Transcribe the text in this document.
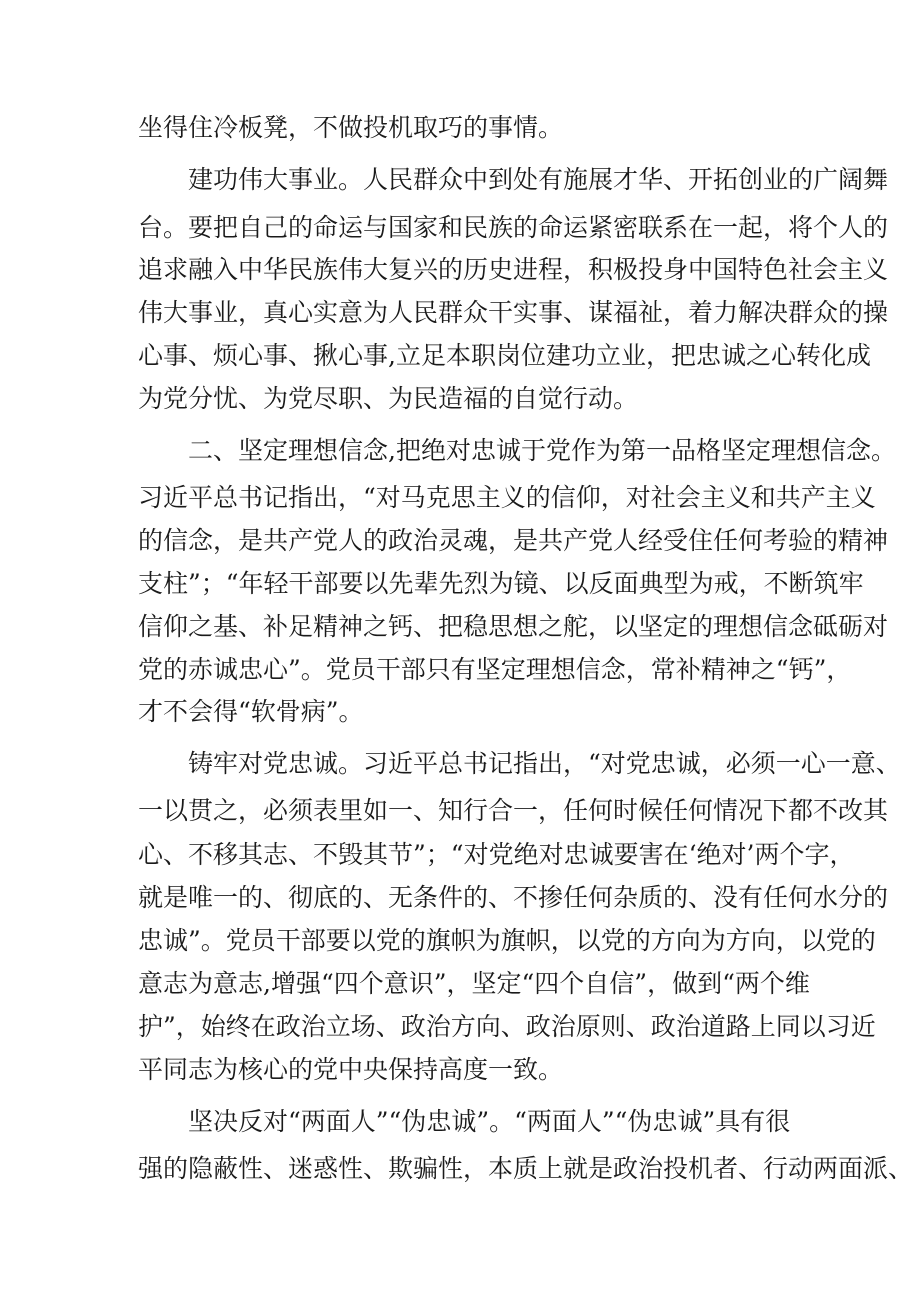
坐得住冷板凳，不做投机取巧的事情。
建功伟大事业。人民群众中到处有施展才华、开拓创业的广阔舞
台。要把自己的命运与国家和民族的命运紧密联系在一起，将个人的
追求融入中华民族伟大复兴的历史进程，积极投身中国特色社会主义
伟大事业，真心实意为人民群众干实事、谋福祉，着力解决群众的操
心事、烦心事、揪心事,立足本职岗位建功立业，把忠诚之心转化成
为党分忧、为党尽职、为民造福的自觉行动。
二、坚定理想信念,把绝对忠诚于党作为第一品格坚定理想信念。
习近平总书记指出，“对马克思主义的信仰，对社会主义和共产主义
的信念，是共产党人的政治灵魂，是共产党人经受住任何考验的精神
支柱”；“年轻干部要以先辈先烈为镜、以反面典型为戒，不断筑牢
信仰之基、补足精神之钙、把稳思想之舵，以坚定的理想信念砥砺对
党的赤诚忠心”。党员干部只有坚定理想信念，常补精神之“钙”，
才不会得“软骨病”。
铸牢对党忠诚。习近平总书记指出，“对党忠诚，必须一心一意、
一以贯之，必须表里如一、知行合一，任何时候任何情况下都不改其
心、不移其志、不毁其节”；“对党绝对忠诚要害在‘绝对’两个字，
就是唯一的、彻底的、无条件的、不掺任何杂质的、没有任何水分的
忠诚”。党员干部要以党的旗帜为旗帜，以党的方向为方向，以党的
意志为意志,增强“四个意识”，坚定“四个自信”，做到“两个维
护”，始终在政治立场、政治方向、政治原则、政治道路上同以习近
平同志为核心的党中央保持高度一致。
坚决反对“两面人”“伪忠诚”。“两面人”“伪忠诚”具有很
强的隐蔽性、迷惑性、欺骗性，本质上就是政治投机者、行动两面派、
